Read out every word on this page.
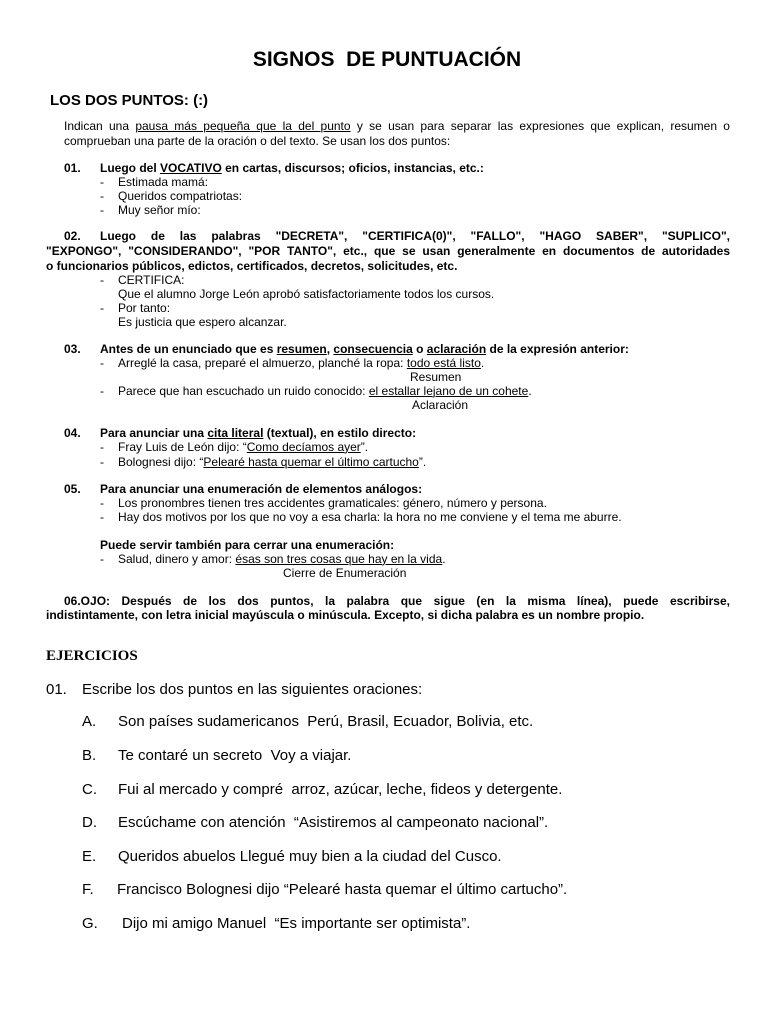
SIGNOS  DE PUNTUACIÓN
LOS DOS PUNTOS: (:)
Indican una pausa más pequeña que la del punto y se usan para separar las expresiones que explican, resumen o
comprueban una parte de la oración o del texto. Se usan los dos puntos:
01. Luego del VOCATIVO en cartas, discursos; oficios, instancias, etc.:
- Estimada mamá:
- Queridos compatriotas:
- Muy señor mío:
02. Luego de las palabras "DECRETA", "CERTIFICA(0)", "FALLO", "HAGO SABER", "SUPLICO",
"EXPONGO", "CONSIDERANDO", "POR TANTO", etc., que se usan generalmente en documentos de autoridades
o funcionarios públicos, edictos, certificados, decretos, solicitudes, etc.
- CERTIFICA:
Que el alumno Jorge León aprobó satisfactoriamente todos los cursos.
- Por tanto:
Es justicia que espero alcanzar.
03. Antes de un enunciado que es resumen, consecuencia o aclaración de la expresión anterior:
- Arreglé la casa, preparé el almuerzo, planché la ropa: todo está listo.
Resumen
- Parece que han escuchado un ruido conocido: el estallar lejano de un cohete.
Aclaración
04. Para anunciar una cita literal (textual), en estilo directo:
- Fray Luis de León dijo: “Como decíamos ayer”.
- Bolognesi dijo: “Pelearé hasta quemar el último cartucho”.
05. Para anunciar una enumeración de elementos análogos:
- Los pronombres tienen tres accidentes gramaticales: género, número y persona.
- Hay dos motivos por los que no voy a esa charla: la hora no me conviene y el tema me aburre.
Puede servir también para cerrar una enumeración:
- Salud, dinero y amor: ésas son tres cosas que hay en la vida.
Cierre de Enumeración
06.OJO: Después de los dos puntos, la palabra que sigue (en la misma línea), puede escribirse,
indistintamente, con letra inicial mayúscula o minúscula. Excepto, si dicha palabra es un nombre propio.
EJERCICIOS
01. Escribe los dos puntos en las siguientes oraciones:
A. Son países sudamericanos  Perú, Brasil, Ecuador, Bolivia, etc.
B. Te contaré un secreto  Voy a viajar.
C. Fui al mercado y compré  arroz, azúcar, leche, fideos y detergente.
D. Escúchame con atención  “Asistiremos al campeonato nacional”.
E. Queridos abuelos Llegué muy bien a la ciudad del Cusco.
F. Francisco Bolognesi dijo “Pelearé hasta quemar el último cartucho”.
G. Dijo mi amigo Manuel  “Es importante ser optimista”.
